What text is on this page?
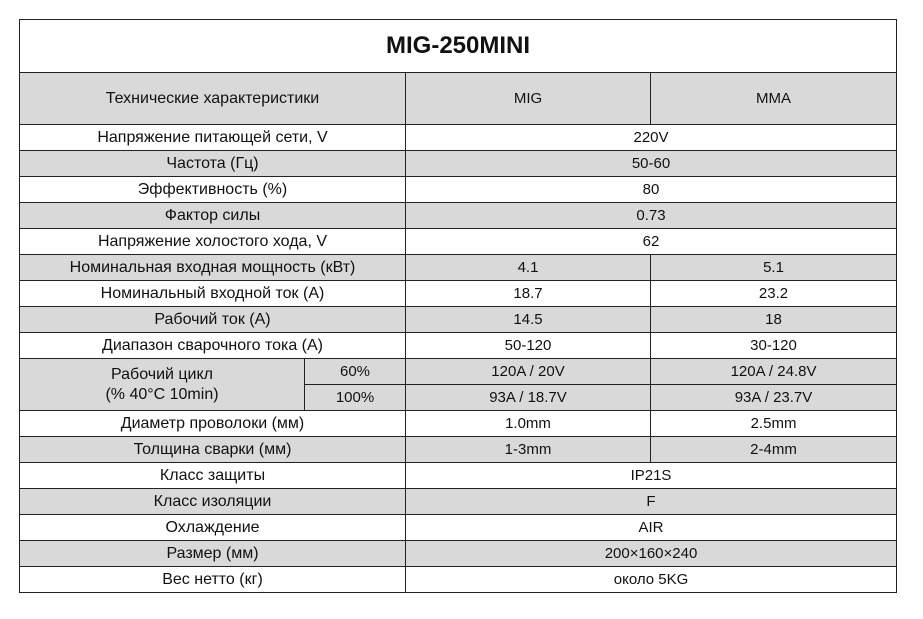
MIG-250MINI			
Технические характеристики		MIG	MMA
Напряжение питающей сети, V		220V	
Частота (Гц)		50-60	
Эффективность (%)		80	
Фактор силы		0.73	
Напряжение холостого хода, V		62	
Номинальная входная мощность (кВт)		4.1	5.1
Номинальный входной ток (A)		18.7	23.2
Рабочий ток (A)		14.5	18
Диапазон сварочного тока (A)		50-120	30-120

Рабочий цикл
(% 40°C 10min)	60%	120A / 20V	120A / 24.8V
	100%	93A / 18.7V	93A / 23.7V
Диаметр проволоки (мм)		1.0mm	2.5mm
Толщина сварки (мм)		1-3mm	2-4mm
Класс защиты		IP21S	
Класс изоляции		F	
Охлаждение		AIR	
Размер (мм)		200×160×240	
Вес нетто (кг)		около 5KG	
